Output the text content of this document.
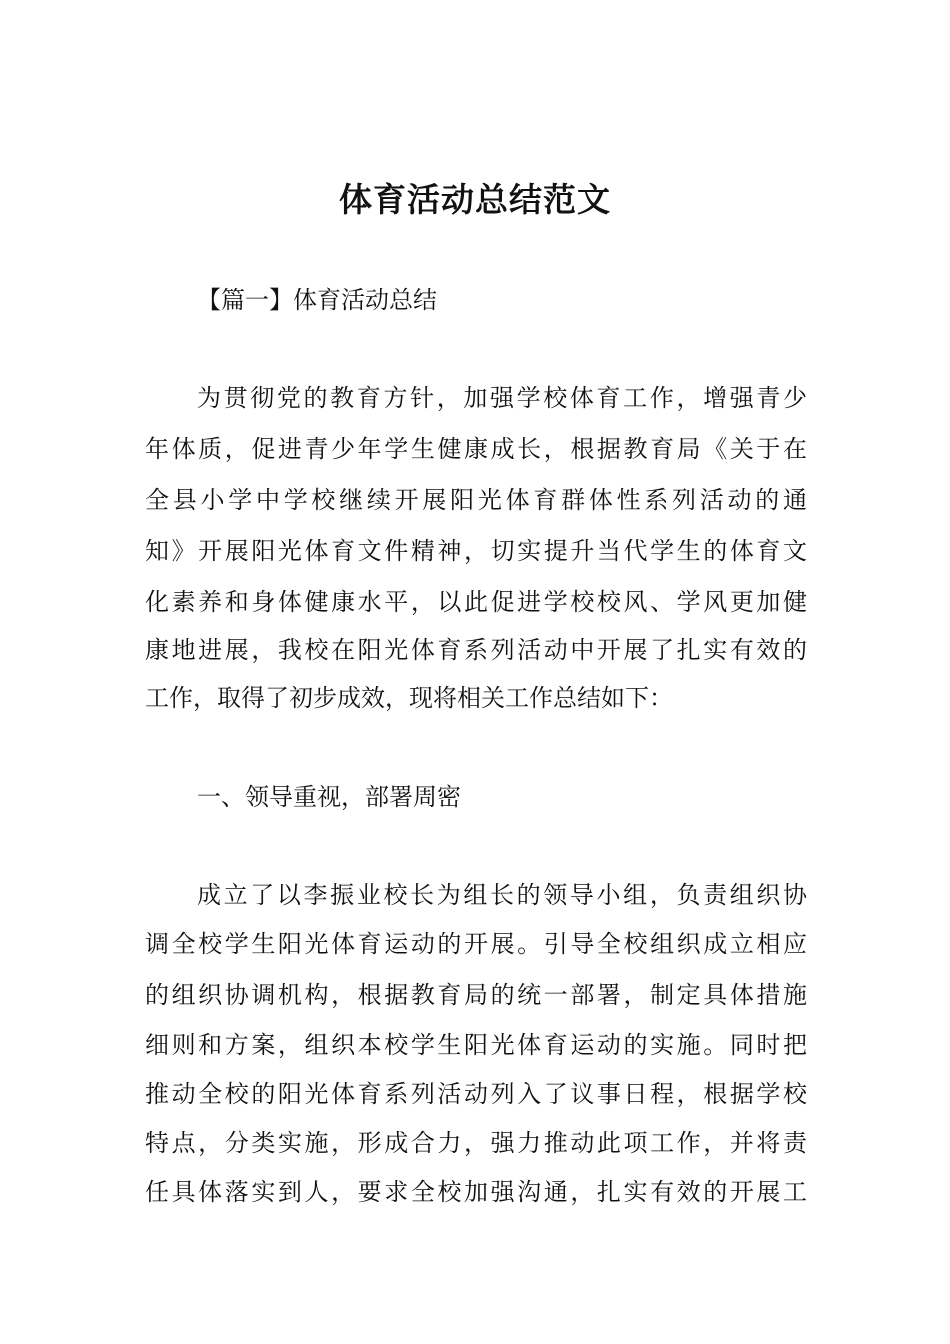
体育活动总结范文

【篇一】体育活动总结

为贯彻党的教育方针，加强学校体育工作，增强青少

年体质，促进青少年学生健康成长，根据教育局《关于在

全县小学中学校继续开展阳光体育群体性系列活动的通

知》开展阳光体育文件精神，切实提升当代学生的体育文

化素养和身体健康水平，以此促进学校校风、学风更加健

康地进展，我校在阳光体育系列活动中开展了扎实有效的

工作，取得了初步成效，现将相关工作总结如下：

一、领导重视，部署周密

成立了以李振业校长为组长的领导小组，负责组织协

调全校学生阳光体育运动的开展。引导全校组织成立相应

的组织协调机构，根据教育局的统一部署，制定具体措施

细则和方案，组织本校学生阳光体育运动的实施。同时把

推动全校的阳光体育系列活动列入了议事日程，根据学校

特点，分类实施，形成合力，强力推动此项工作，并将责

任具体落实到人，要求全校加强沟通，扎实有效的开展工
